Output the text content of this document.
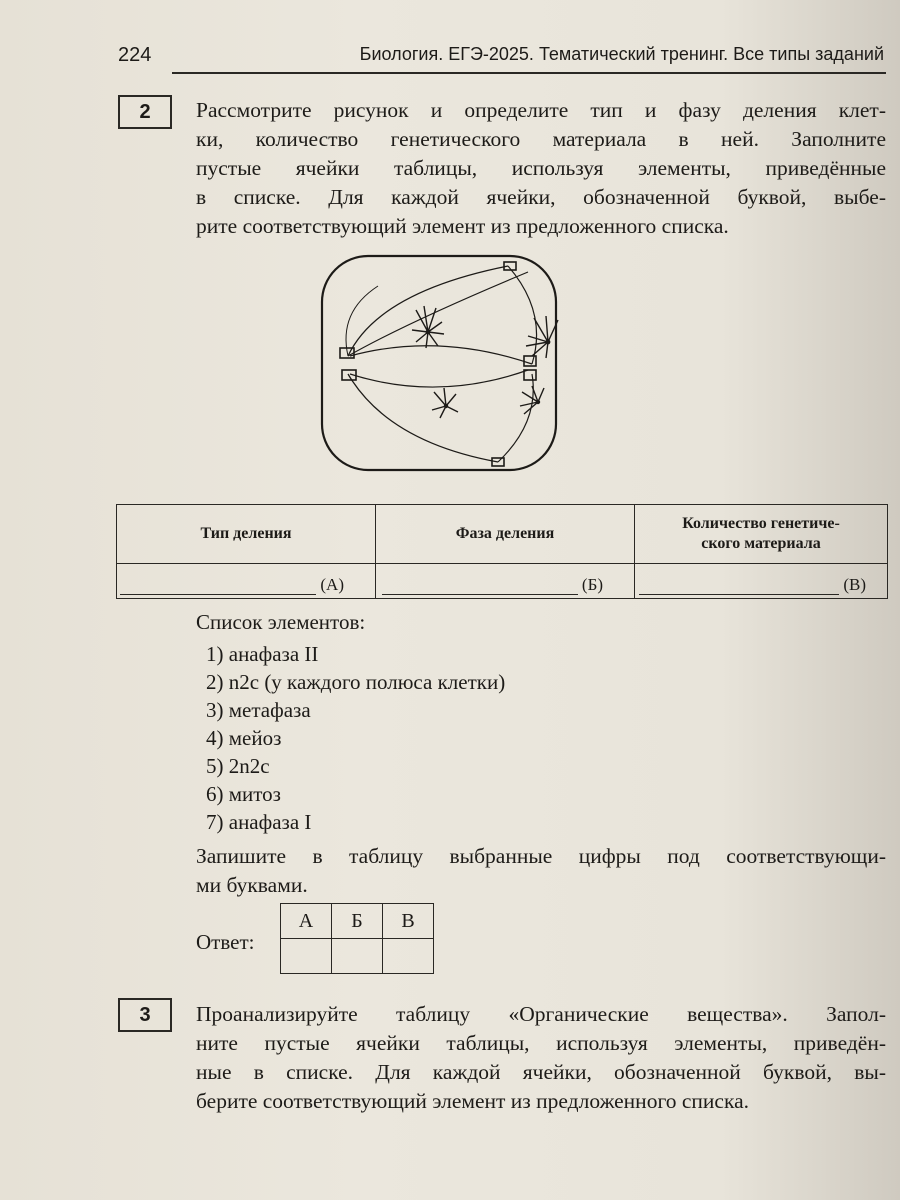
224	Биология. ЕГЭ-2025. Тематический тренинг. Все типы заданий
2	Рассмотрите рисунок и определите тип и фазу деления клет-
ки, количество генетического материала в ней. Заполните
пустые ячейки таблицы, используя элементы, приведённые
в списке. Для каждой ячейки, обозначенной буквой, выбе-
рите соответствующий элемент из предложенного списка.
Тип деления	Фаза деления	Количество генетиче-
ского материала

(А)	(Б)	(В)
Список элементов:
1) анафаза II
2) n2c (у каждого полюса клетки)
3) метафаза
4) мейоз
5) 2n2c
6) митоз
7) анафаза I
Запишите в таблицу выбранные цифры под соответствующи-
ми буквами.
Ответ:
А	Б	В

3	Проанализируйте таблицу «Органические вещества». Запол-
ните пустые ячейки таблицы, используя элементы, приведён-
ные в списке. Для каждой ячейки, обозначенной буквой, вы-
берите соответствующий элемент из предложенного списка.
